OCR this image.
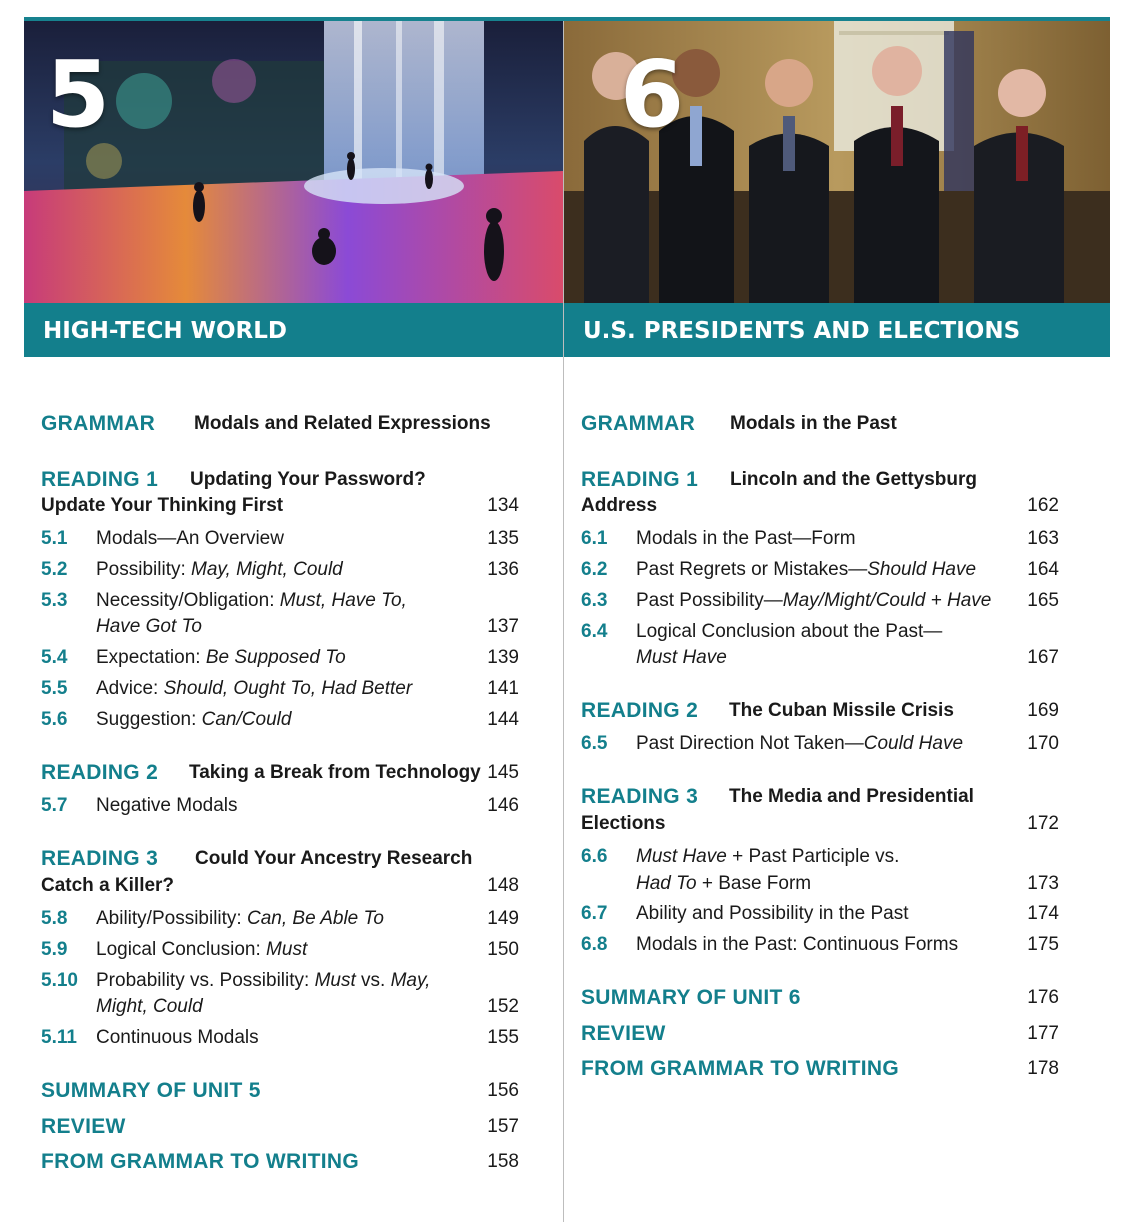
5	6
HIGH-TECH WORLD	U.S. PRESIDENTS AND ELECTIONS
GRAMMAR Modals and Related Expressions
READING 1 Updating Your Password?
Update Your Thinking First	134
5.1 Modals—An Overview	135
5.2 Possibility: May, Might, Could	136
5.3 Necessity/Obligation: Must, Have To,
Have Got To	137
5.4 Expectation: Be Supposed To	139
5.5 Advice: Should, Ought To, Had Better	141
5.6 Suggestion: Can/Could	144
READING 2 Taking a Break from Technology 145
5.7 Negative Modals	146
READING 3 Could Your Ancestry Research
Catch a Killer?	148
5.8 Ability/Possibility: Can, Be Able To	149
5.9 Logical Conclusion: Must	150
5.10 Probability vs. Possibility: Must vs. May,
Might, Could	152
5.11 Continuous Modals	155
SUMMARY OF UNIT 5	156
REVIEW	157
FROM GRAMMAR TO WRITING	158
GRAMMAR Modals in the Past
READING 1 Lincoln and the Gettysburg
Address	162
6.1 Modals in the Past—Form	163
6.2 Past Regrets or Mistakes—Should Have	164
6.3 Past Possibility—May/Might/Could + Have 165
6.4 Logical Conclusion about the Past—
Must Have	167
READING 2 The Cuban Missile Crisis	169
6.5 Past Direction Not Taken—Could Have	170
READING 3 The Media and Presidential
Elections	172
6.6 Must Have + Past Participle vs.
Had To + Base Form	173
6.7 Ability and Possibility in the Past	174
6.8 Modals in the Past: Continuous Forms	175
SUMMARY OF UNIT 6	176
REVIEW	177
FROM GRAMMAR TO WRITING	178
